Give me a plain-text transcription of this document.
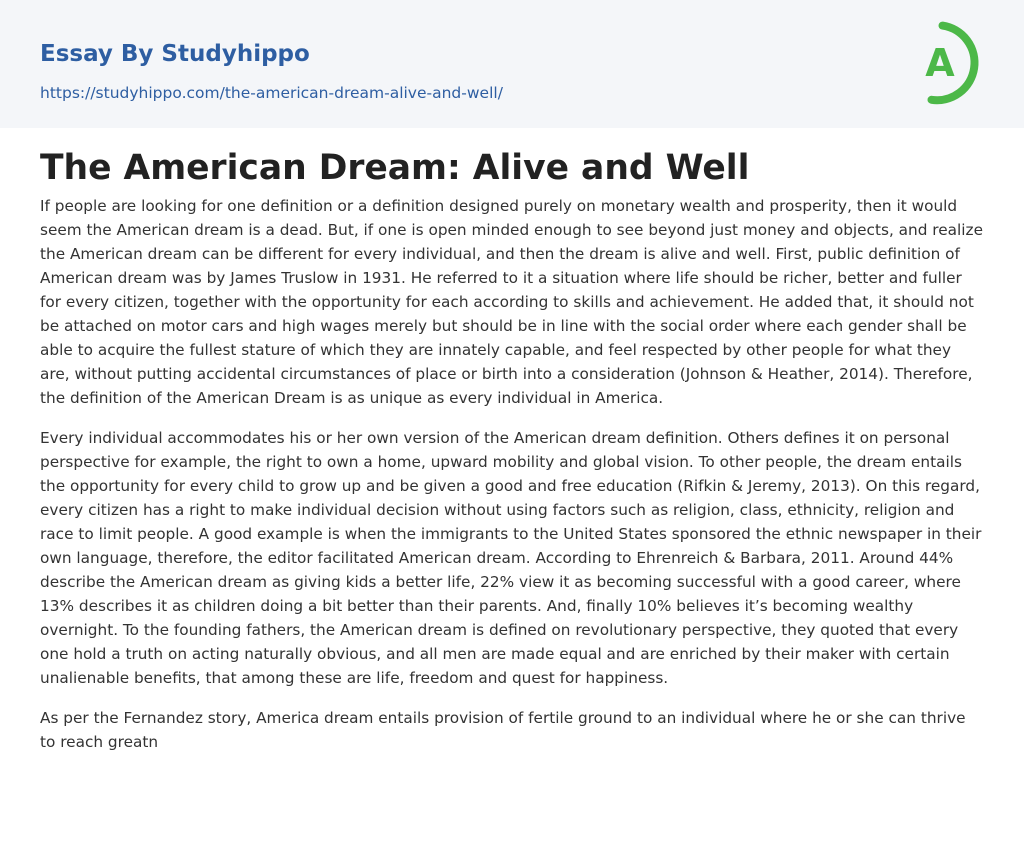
Essay By Studyhippo
https://studyhippo.com/the-american-dream-alive-and-well/
A
The American Dream: Alive and Well

If people are looking for one definition or a definition designed purely on monetary wealth and prosperity, then it would seem the American dream is a dead. But, if one is open minded enough to see beyond just money and objects, and realize the American dream can be different for every individual, and then the dream is alive and well. First, public definition of American dream was by James Truslow in 1931. He referred to it a situation where life should be richer, better and fuller for every citizen, together with the opportunity for each according to skills and achievement. He added that, it should not be attached on motor cars and high wages merely but should be in line with the social order where each gender shall be able to acquire the fullest stature of which they are innately capable, and feel respected by other people for what they are, without putting accidental circumstances of place or birth into a consideration (Johnson & Heather, 2014). Therefore, the definition of the American Dream is as unique as every individual in America.

Every individual accommodates his or her own version of the American dream definition. Others defines it on personal perspective for example, the right to own a home, upward mobility and global vision. To other people, the dream entails the opportunity for every child to grow up and be given a good and free education (Rifkin & Jeremy, 2013). On this regard, every citizen has a right to make individual decision without using factors such as religion, class, ethnicity, religion and race to limit people. A good example is when the immigrants to the United States sponsored the ethnic newspaper in their own language, therefore, the editor facilitated American dream. According to Ehrenreich & Barbara, 2011. Around 44% describe the American dream as giving kids a better life, 22% view it as becoming successful with a good career, where 13% describes it as children doing a bit better than their parents. And, finally 10% believes it’s becoming wealthy overnight. To the founding fathers, the American dream is defined on revolutionary perspective, they quoted that every one hold a truth on acting naturally obvious, and all men are made equal and are enriched by their maker with certain unalienable benefits, that among these are life, freedom and quest for happiness.

As per the Fernandez story, America dream entails provision of fertile ground to an individual where he or she can thrive to reach greatn
